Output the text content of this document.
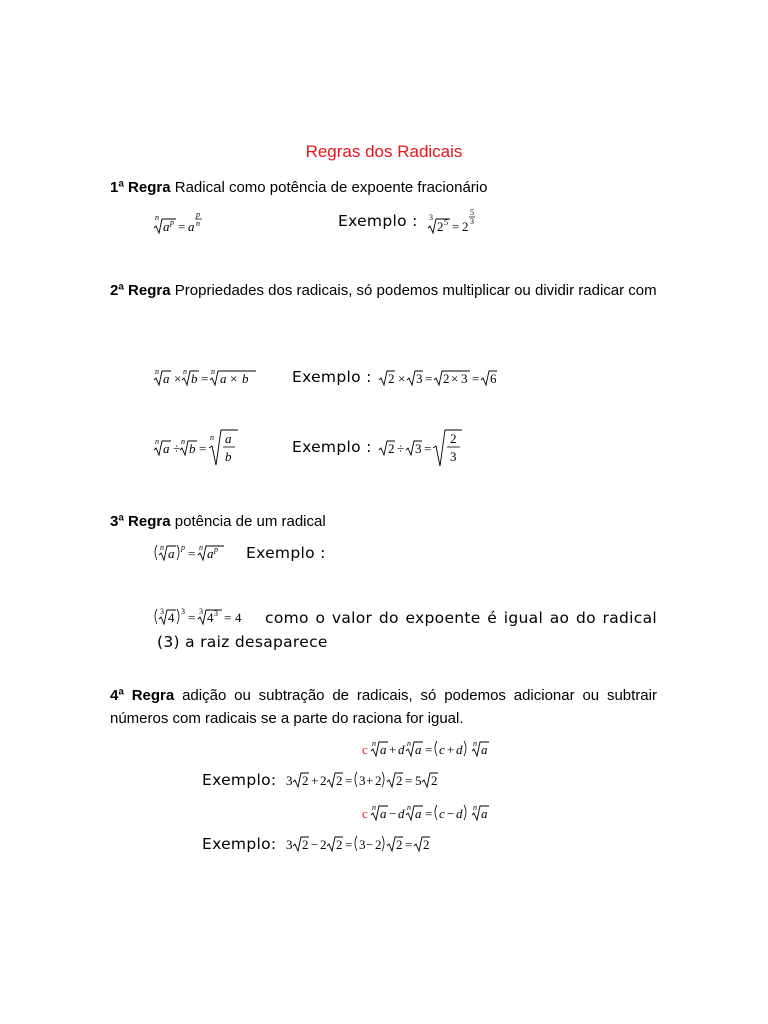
Regras dos Radicais
1ª Regra Radical como potência de expoente fracionário
n
a p = a
p
n	Exemplo : 3
2 5 = 2
5
3
2ª Regra Propriedades dos radicais, só podemos multiplicar ou dividir radicar com
n a × n b = n a × b	Exemplo : 2 × 3 = 2 × 3 = 6
n a ÷ n b =
n a
b
Exemplo : 2 ÷ 3 =
2
3
3ª Regra potência de um radical
n a p = n a p Exemplo :
3 4 3 = 3 4 3 = 4	como o valor do expoente é igual ao do radical (3) a raiz desaparece
4ª Regra adição ou subtração de radicais, só podemos adicionar ou subtrair números com radicais se a parte do raciona for igual.
c n a + d n a = c + d n a
Exemplo: 3 2 + 2 2 = 3 + 2 2 = 5 2
c n a − d n a = c − d n a
Exemplo: 3 2 − 2 2 = 3 − 2 2 = 2
